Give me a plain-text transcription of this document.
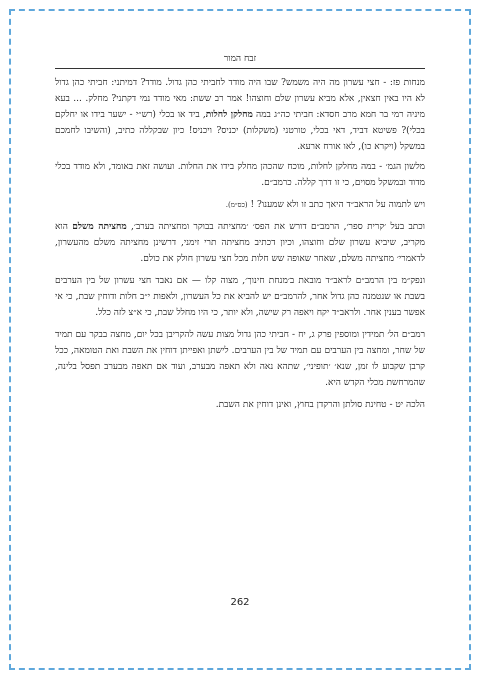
זבח המור

מנחות פז: - חצי עשרון מה היה משמש? שבו היה מודד לחביתי כהן גדול. מודד? דמיתני: חביתי כהן גדול לא היו באין חצאין, אלא מביא עשרון שלם וחוצהו! אמר רב ששת: מאי מודד נמי דקתני? מחלק. ... בעא מיניה רמי בר חמא מרב חסדא: חביתי כה״ג במה מחלקן לחלות, ביד או בכלי (רש״י - ישער בידו או יחלקם בכלי)? פשיטא דביד, דאי בכלי, טורטני (משקלות) יכניס? ויכניס! כיון שבקללה כתיב, (והשיבו לחמכם במשקל (ויקרא כו), לאו אורח ארעא.

מלשון הגמ׳ - במה מחלקן לחלות, מוכח שהכהן מחלק בידו את החלות. ועושה זאת באומד, ולא מודד בכלי מדוד ובמשקל מסוים, כי זו דרך קללה. כרמב״ם.

ויש לתמוה על הראב״ד היאך כתב זו ולא שמענו? ! (כס״מ).

וכתב בעל ׳קרית ספר׳, הרמב״ם דורש את הפס׳ ׳מחציתה בבוקר ומחציתה בערב׳, מחציתה משלם הוא מקריב, שיביא עשרון שלם וחוצהו, וכיון דכתיב מחציתה תרי זימני, דרשינן מחציתה משלם מהעשרון, לדאמרי׳ מחציתה משלם, שאחר שאופה שש חלות מכל חצי עשרון חולק את כולם.

ונפק״מ בין הרמב״ם לראב״ד מובאת ב׳מנחת חינוך׳, מצוה קלו — אם נאבד חצי עשרון של בין הערבים בשבת או שנטמנה כהן גדול אחר, להרמב״ם יש להביא את כל העשרון, ולאפות י״ב חלות ודוחין שבת, כי אי אפשר בענין אחר. ולראב״ד יקח ויאפה רק שישה, ולא יותר, כי היו מחלל שבת, כי א״צ לזה כלל.

רמב״ם הל׳ תמידין ומוספין פרק ג, יח - חביתי כהן גדול מצות עשה להקריבן בכל יום, מחצה בבקר עם תמיד של שחר, ומחצה בין הערבים עם תמיד של בין הערבים. לישתן ואפייתן דוחין את השבת ואת הטומאה, ככל קרבן שקבוע לו זמן, שנא׳ ׳תופיני׳, שתהא נאה ולא תאפה מבערב, ועוד אם תאפה מבערב תפסל בלינה, שהמרחשת מכלי הקדש היא.

הלכה יט - טחינת סולתן והרקדן בחוץ, ואינן דוחין את השבת.

262
